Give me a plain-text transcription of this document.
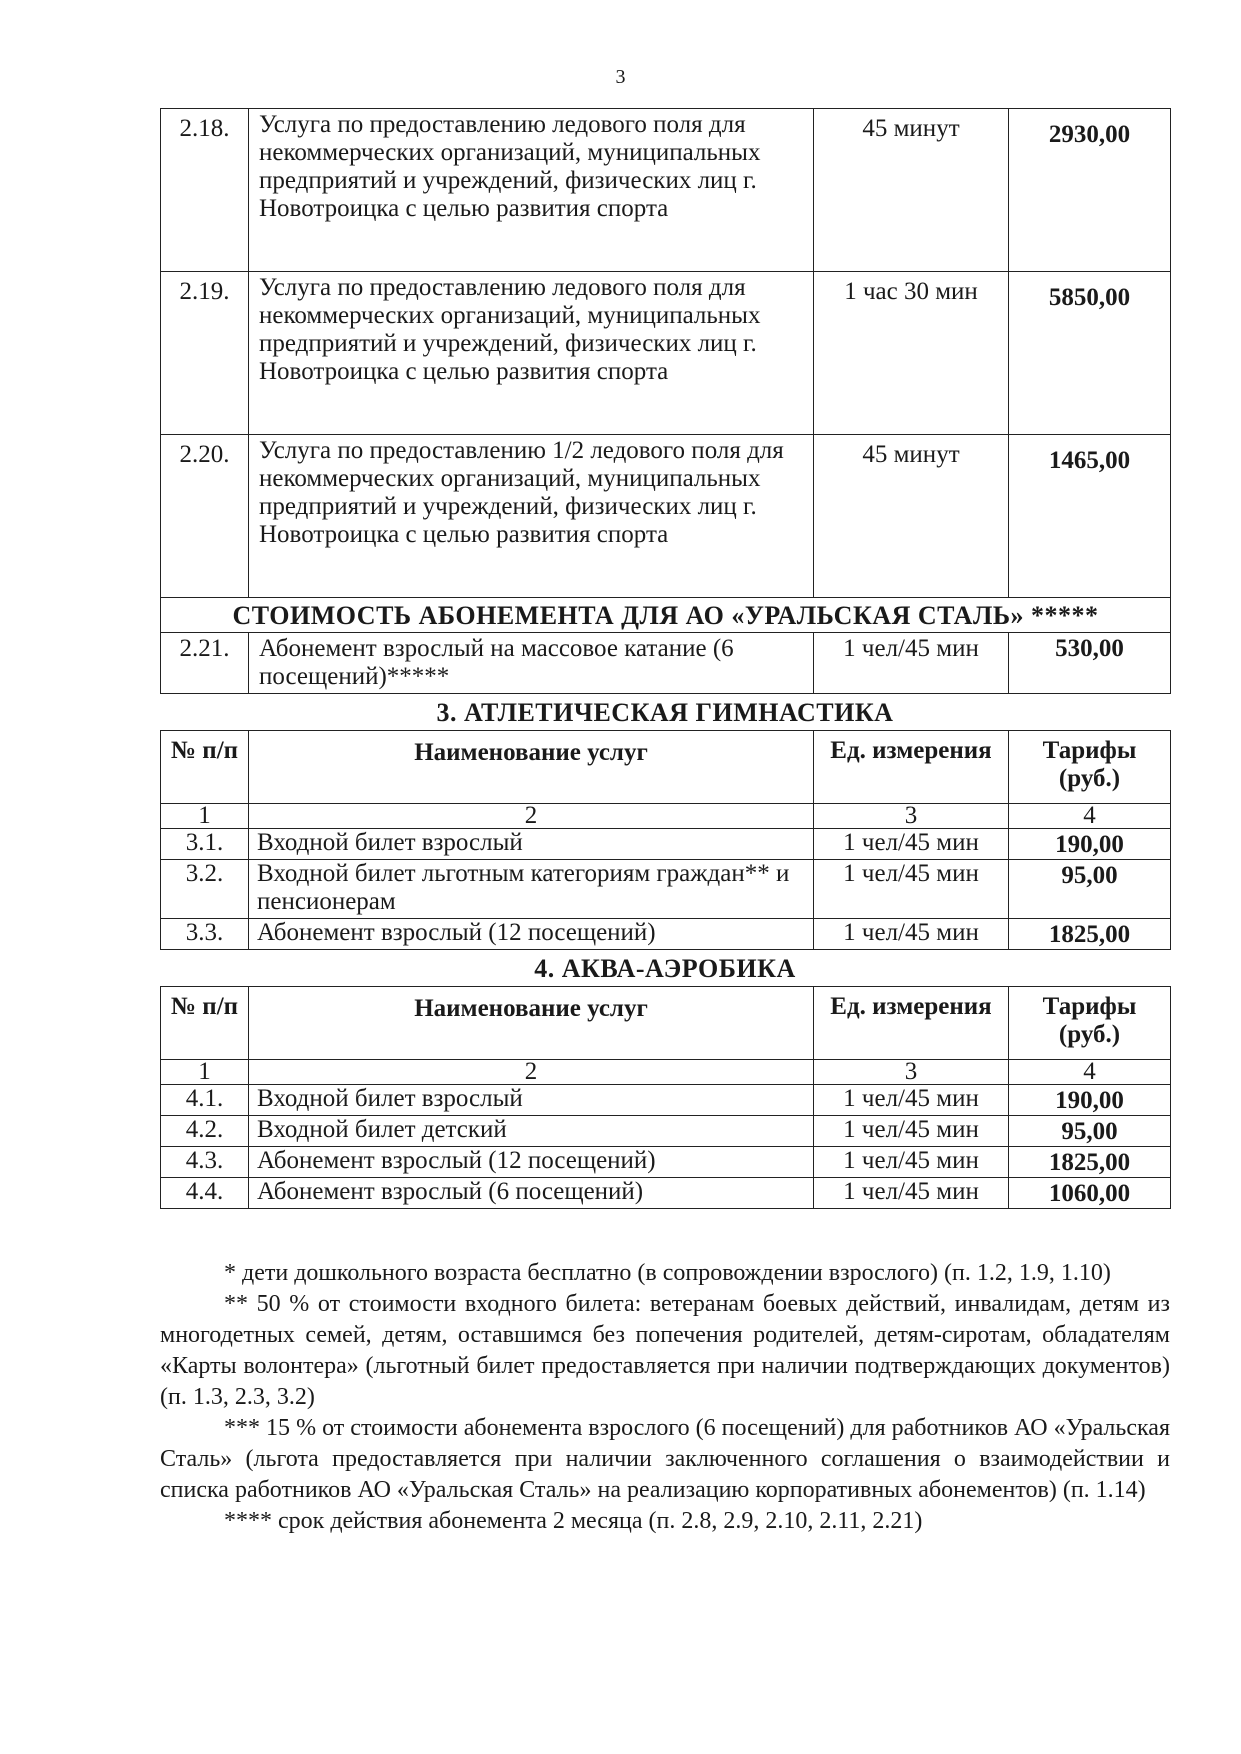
3
2.18.	Услуга по предоставлению ледового поля для некоммерческих организаций, муниципальных предприятий и учреждений, физических лиц г. Новотроицка с целью развития спорта	45 минут	2930,00
2.19.	Услуга по предоставлению ледового поля для некоммерческих организаций, муниципальных предприятий и учреждений, физических лиц г. Новотроицка с целью развития спорта	1 час 30 мин	5850,00
2.20.	Услуга по предоставлению 1/2 ледового поля для некоммерческих организаций, муниципальных предприятий и учреждений, физических лиц г. Новотроицка с целью развития спорта	45 минут	1465,00
СТОИМОСТЬ АБОНЕМЕНТА ДЛЯ АО «УРАЛЬСКАЯ СТАЛЬ» *****			
2.21.	Абонемент взрослый на массовое катание (6 посещений)*****	1 чел/45 мин	530,00
3. АТЛЕТИЧЕСКАЯ ГИМНАСТИКА
№ п/п	Наименование услуг	Ед. измерения	Тарифы (руб.)
1	2	3	4
3.1.	Входной билет взрослый	1 чел/45 мин	190,00
3.2.	Входной билет льготным категориям граждан** и пенсионерам	1 чел/45 мин	95,00
3.3.	Абонемент взрослый (12 посещений)	1 чел/45 мин	1825,00
4. АКВА-АЭРОБИКА
№ п/п	Наименование услуг	Ед. измерения	Тарифы (руб.)
1	2	3	4
4.1.	Входной билет взрослый	1 чел/45 мин	190,00
4.2.	Входной билет детский	1 чел/45 мин	95,00
4.3.	Абонемент взрослый (12 посещений)	1 чел/45 мин	1825,00
4.4.	Абонемент взрослый (6 посещений)	1 чел/45 мин	1060,00

* дети дошкольного возраста бесплатно (в сопровождении взрослого) (п. 1.2, 1.9, 1.10)

** 50 % от стоимости входного билета: ветеранам боевых действий, инвалидам, детям из многодетных семей, детям, оставшимся без попечения родителей, детям-сиротам, обладателям «Карты волонтера» (льготный билет предоставляется при наличии подтверждающих документов) (п. 1.3, 2.3, 3.2)

*** 15 % от стоимости абонемента взрослого (6 посещений) для работников АО «Уральская Сталь» (льгота предоставляется при наличии заключенного соглашения о взаимодействии и списка работников АО «Уральская Сталь» на реализацию корпоративных абонементов) (п. 1.14)

**** срок действия абонемента 2 месяца (п. 2.8, 2.9, 2.10, 2.11, 2.21)
